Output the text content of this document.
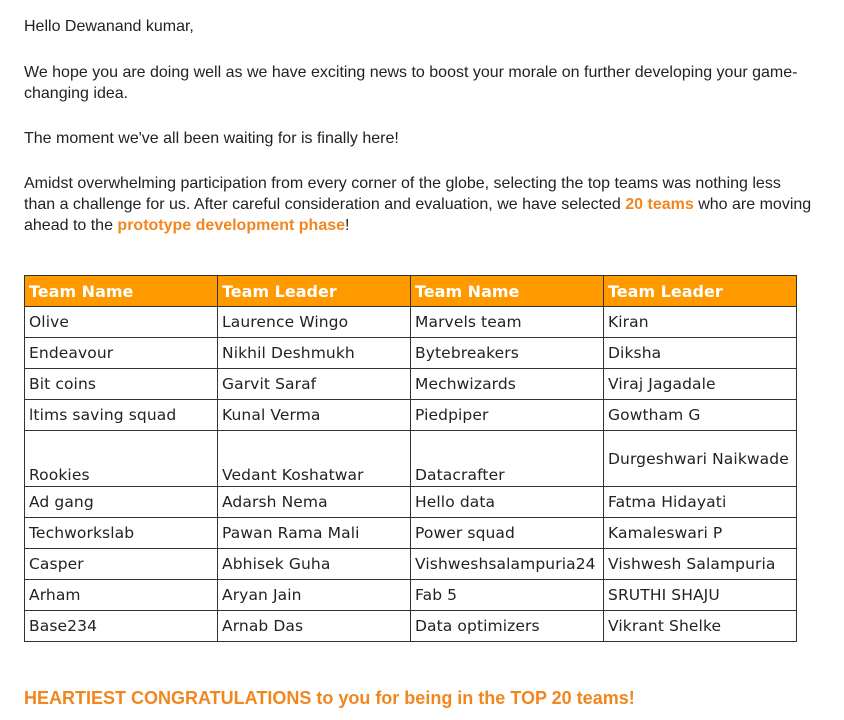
Hello Dewanand kumar,

We hope you are doing well as we have exciting news to boost your morale on further developing your game-changing idea.

The moment we've all been waiting for is finally here!

Amidst overwhelming participation from every corner of the globe, selecting the top teams was nothing less than a challenge for us. After careful consideration and evaluation, we have selected 20 teams who are moving ahead to the prototype development phase!

Team Name	Team Leader	Team Name	Team Leader
Olive	Laurence Wingo	Marvels team	Kiran
Endeavour	Nikhil Deshmukh	Bytebreakers	Diksha
Bit coins	Garvit Saraf	Mechwizards	Viraj Jagadale
ltims saving squad	Kunal Verma	Piedpiper	Gowtham G
Rookies	Vedant Koshatwar	Datacrafter	Durgeshwari Naikwade
Ad gang	Adarsh Nema	Hello data	Fatma Hidayati
Techworkslab	Pawan Rama Mali	Power squad	Kamaleswari P
Casper	Abhisek Guha	Vishweshsalampuria24	Vishwesh Salampuria
Arham	Aryan Jain	Fab 5	SRUTHI SHAJU
Base234	Arnab Das	Data optimizers	Vikrant Shelke

HEARTIEST CONGRATULATIONS to you for being in the TOP 20 teams!
